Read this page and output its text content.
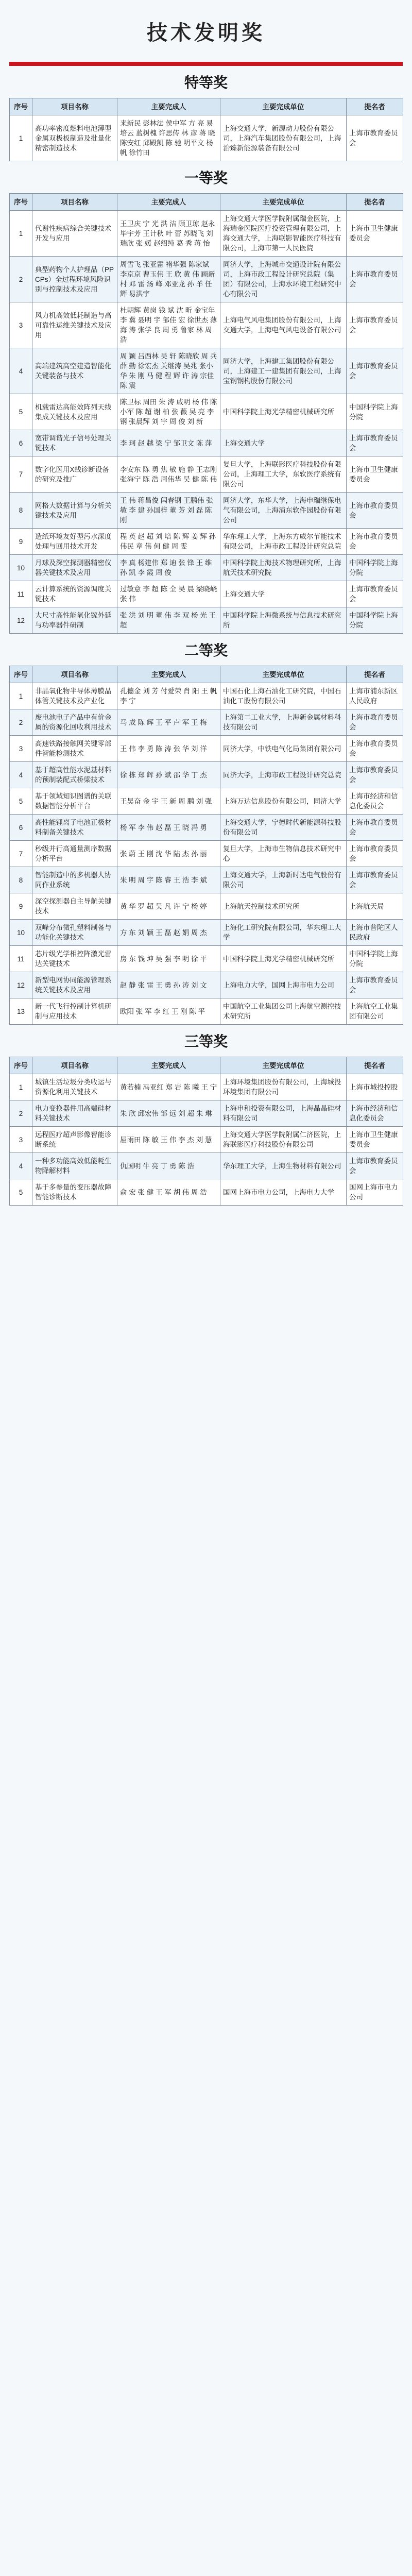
技术发明奖
特等奖
序号	项目名称	主要完成人	主要完成单位	提名者
1	高功率密度燃料电池薄型金属双极板制造及批量化精密制造技术	来新民 彭林法 侯中军 方 亮 易培云 蓝树槐 许思传 林 彦 蒋 晓 陈安红 邱殿凯 陈 驰 明平文 杨 帆 徐竹田	上海交通大学，新源动力股份有限公司，上海汽车集团股份有限公司，上海治臻新能源装备有限公司	上海市教育委员会
一等奖
序号	项目名称	主要完成人	主要完成单位	提名者
1	代谢性疾病综合关键技术开发与应用	王卫庆 宁 光 洪 洁 顾卫琼 赵永 毕宇芳 王计秋 叶 蕾 苏晓飞 刘瑞欣 张 媛 赵绍纯 葛 秀 蒋 怡	上海交通大学医学院附属瑞金医院，上海瑞金医院医疗投资管理有限公司，上海交通大学，上海联影智能医疗科技有限公司，上海市第一人民医院	上海市卫生健康委员会
2	典型药物个人护理品（PPCPs）全过程环境风险识别与控制技术及应用	周雪飞 张亚雷 褚华强 陈家斌 李京京 曹玉伟 王 欣 黄 伟 顾新村 邓 雷 汤 峰 邓亚龙 孙 羊 任 辉 易洪宇	同济大学，上海城市交通设计院有限公司，上海市政工程设计研究总院（集团）有限公司，上海水环境工程研究中心有限公司	上海市教育委员会
3	风力机高效低耗制造与高可靠性运维关键技术及应用	杜朝辉 黄岗 钱 斌 沈 昕 金宝年 李 冀 聂明 宇 邹佳 宏 徐世杰 薄海 涛 张学 良 周 勇 鲁家 林 周 浩	上海电气风电集团股份有限公司，上海交通大学，上海电气风电设备有限公司	上海市教育委员会
4	高端建筑高空建造智能化关键装备与技术	周 颖 吕西林 吴 轩 陈晓欣 周 兵 薛 勤 徐宏杰 关继涛 吴兆 张小华 朱 刚 马 健 程 辉 许 涛 宗佳 陈 震	同济大学，上海建工集团股份有限公司，上海建工一建集团有限公司，上海宝钢钢构股份有限公司	上海市教育委员会
5	机载雷达高能效阵列天线集成关键技术及应用	陈卫标 周田 朱 涛 戚明 杨 伟 陈小军 陈 超 谢 柏 张 薇 吴 亮 李 钢 张晨辉 刘 宇 周 俊 刘 新	中国科学院上海光学精密机械研究所	中国科学院上海分院
6	宽带调谐光子信号处理关键技术	李 珂 赵 越 梁 宁 邹卫文 陈 萍	上海交通大学	上海市教育委员会
7	数字化医用X线诊断设备的研究及推广	李安东 陈 勇 焦 敏 施 静 王志刚 张海宁 陈 浩 周伟华 吴 健 陈 伟	复旦大学，上海联影医疗科技股份有限公司，上海理工大学，东软医疗系统有限公司	上海市卫生健康委员会
8	网格大数据计算与分析关键技术及应用	王 伟 蒋昌俊 闫春钢 王鹏伟 张 敏 李 建 孙国梓 董 芳 刘 磊 陈 刚	同济大学，东华大学，上海申瑞继保电气有限公司，上海浦东软件园股份有限公司	上海市教育委员会
9	造纸环境友好型污水深度处理与回用技术开发	程 英 赵 超 刘 培 陈 辉 姜 辉 孙伟民 章 伟 何 健 周 雯	华东理工大学，上海东方威尔节能技术有限公司，上海市政工程设计研究总院	上海市教育委员会
10	月球及深空探测器精密仪器关键技术及应用	李 真 杨建伟 郑 迪 张 锋 王 维 孙 凯 李 霞 周 俊	中国科学院上海技术物理研究所，上海航天技术研究院	中国科学院上海分院
11	云计算系统的资源调度关键技术	过敏意 李 超 陈 全 吴 晨 梁晓峣 张 伟	上海交通大学	上海市教育委员会
12	大尺寸高性能氧化镓外延与功率器件研制	张 洪 刘 明 董 伟 李 双 杨 光 王 超	中国科学院上海微系统与信息技术研究所	中国科学院上海分院
二等奖
序号	项目名称	主要完成人	主要完成单位	提名者
1	非晶氧化物半导体薄膜晶体管关键技术及产业化	孔德金 刘 芳 付爱荣 肖 阳 王 帆 李 宁	中国石化上海石油化工研究院，中国石油化工股份有限公司	上海市浦东新区人民政府
2	废电池电子产品中有价金属的资源化回收利用技术	马 成 陈 辉 王 平 卢 军 王 梅	上海第二工业大学，上海新金属材料科技有限公司	上海市教育委员会
3	高速铁路接触网关键零部件智能检测技术	王 伟 李 勇 陈 涛 张 华 刘 洋	同济大学，中铁电气化局集团有限公司	上海市教育委员会
4	基于超高性能水泥基材料的预制装配式桥梁技术	徐 栋 郑 辉 孙 斌 邵 华 丁 杰	同济大学，上海市政工程设计研究总院	上海市教育委员会
5	基于领域知识图谱的关联数据智能分析平台	王昊奋 金 宇 王 新 周 鹏 刘 强	上海万达信息股份有限公司，同济大学	上海市经济和信息化委员会
6	高性能锂离子电池正极材料制备关键技术	杨 军 李 伟 赵 磊 王 晓 冯 勇	上海交通大学，宁德时代新能源科技股份有限公司	上海市教育委员会
7	秒级并行高通量测序数据分析平台	张 蔚 王 刚 沈 华 陆 杰 孙 丽	复旦大学，上海市生物信息技术研究中心	上海市教育委员会
8	智能制造中的多机器人协同作业系统	朱 明 周 宇 陈 睿 王 浩 李 斌	上海交通大学，上海新时达电气股份有限公司	上海市教育委员会
9	深空探测器自主导航关键技术	黄 华 罗 超 吴 凡 许 宁 杨 婷	上海航天控制技术研究所	上海航天局
10	双峰分布微孔塑料制备与功能化关键技术	方 东 刘 颖 王 磊 赵 娟 周 杰	上海化工研究院有限公司，华东理工大学	上海市普陀区人民政府
11	芯片级光学相控阵激光雷达关键技术	房 东 钱 坤 吴 强 李 明 徐 平	中国科学院上海光学精密机械研究所	中国科学院上海分院
12	新型电网协同能源管理系统关键技术及应用	赵 静 张 雷 王 勇 孙 涛 刘 文	上海电力大学，国网上海市电力公司	上海市教育委员会
13	新一代飞行控制计算机研制与应用技术	欧阳 张 军 李 红 王 刚 陈 平	中国航空工业集团公司上海航空测控技术研究所	上海航空工业集团有限公司
三等奖
序号	项目名称	主要完成人	主要完成单位	提名者
1	城镇生活垃圾分类收运与资源化利用关键技术	黄若楠 冯亚红 郑 岩 陈 曦 王 宁	上海环境集团股份有限公司，上海城投环境集团有限公司	上海市城投控股
2	电力变换器件用高端硅材料关键技术	朱 欣 邱宏伟 邹 远 刘 超 朱 琳	上海申和投资有限公司，上海晶晶硅材料有限公司	上海市经济和信息化委员会
3	远程医疗超声影像智能诊断系统	屈雨田 陈 敏 王 伟 李 杰 刘 慧	上海交通大学医学院附属仁济医院，上海联影医疗科技股份有限公司	上海市卫生健康委员会
4	一种多功能高效低能耗生物降解材料	仇国明 牛 亮 丁 勇 陈 浩	华东理工大学，上海生物材料有限公司	上海市教育委员会
5	基于多参量的变压器故障智能诊断技术	俞 宏 张 健 王 军 胡 伟 周 浩	国网上海市电力公司，上海电力大学	国网上海市电力公司
